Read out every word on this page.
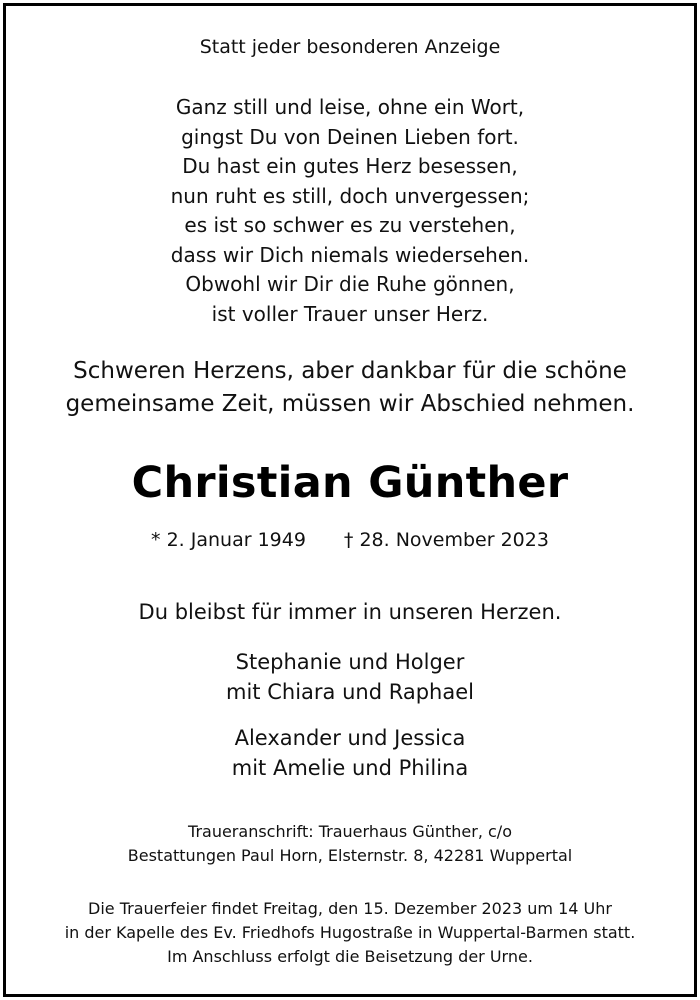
Statt jeder besonderen Anzeige
Ganz still und leise, ohne ein Wort,
gingst Du von Deinen Lieben fort.
Du hast ein gutes Herz besessen,
nun ruht es still, doch unvergessen;
es ist so schwer es zu verstehen,
dass wir Dich niemals wiedersehen.
Obwohl wir Dir die Ruhe gönnen,
ist voller Trauer unser Herz.
Schweren Herzens, aber dankbar für die schöne
gemeinsame Zeit, müssen wir Abschied nehmen.
Christian Günther
* 2. Januar 1949 † 28. November 2023
Du bleibst für immer in unseren Herzen.
Stephanie und Holger
mit Chiara und Raphael
Alexander und Jessica
mit Amelie und Philina
Traueranschrift: Trauerhaus Günther, c/o
Bestattungen Paul Horn, Elsternstr. 8, 42281 Wuppertal
Die Trauerfeier findet Freitag, den 15. Dezember 2023 um 14 Uhr
in der Kapelle des Ev. Friedhofs Hugostraße in Wuppertal-Barmen statt.
Im Anschluss erfolgt die Beisetzung der Urne.
